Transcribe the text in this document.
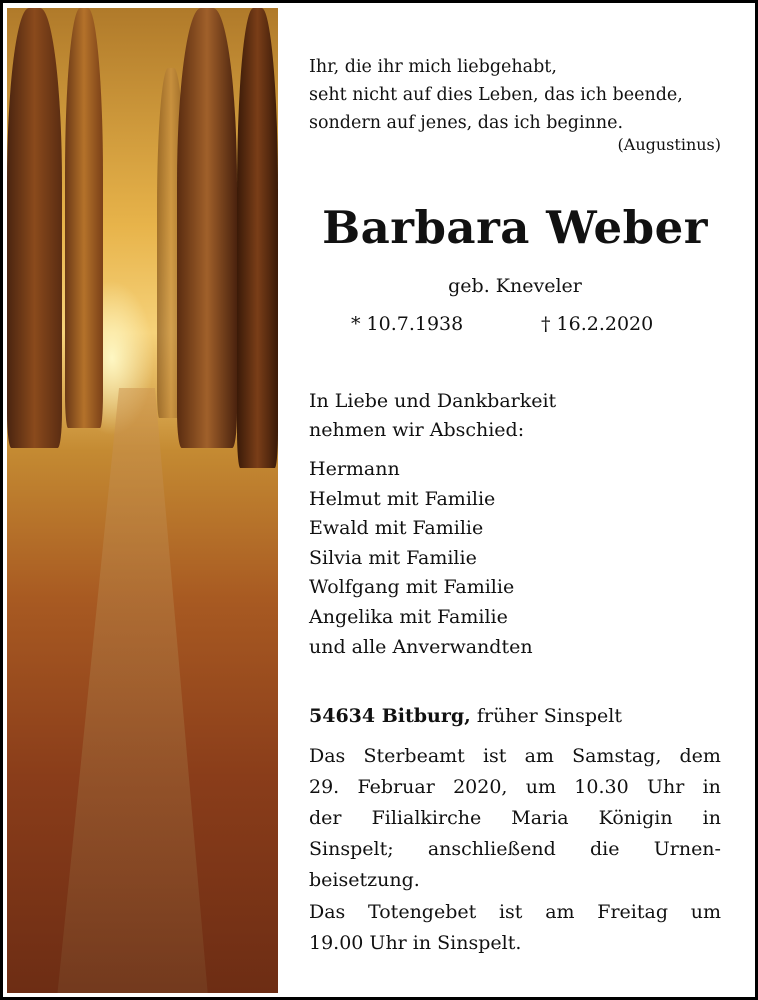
Ihr, die ihr mich liebgehabt,
seht nicht auf dies Leben, das ich beende,
sondern auf jenes, das ich beginne.
(Augustinus)
Barbara Weber
geb. Kneveler
* 10.7.1938	† 16.2.2020
In Liebe und Dankbarkeit
nehmen wir Abschied:
Hermann
Helmut mit Familie
Ewald mit Familie
Silvia mit Familie
Wolfgang mit Familie
Angelika mit Familie
und alle Anverwandten
54634 Bitburg, früher Sinspelt
Das Sterbeamt ist am Samstag, dem
29. Februar 2020, um 10.30 Uhr in
der Filialkirche Maria Königin in
Sinspelt; anschließend die Urnen-
beisetzung.
Das Totengebet ist am Freitag um
19.00 Uhr in Sinspelt.
